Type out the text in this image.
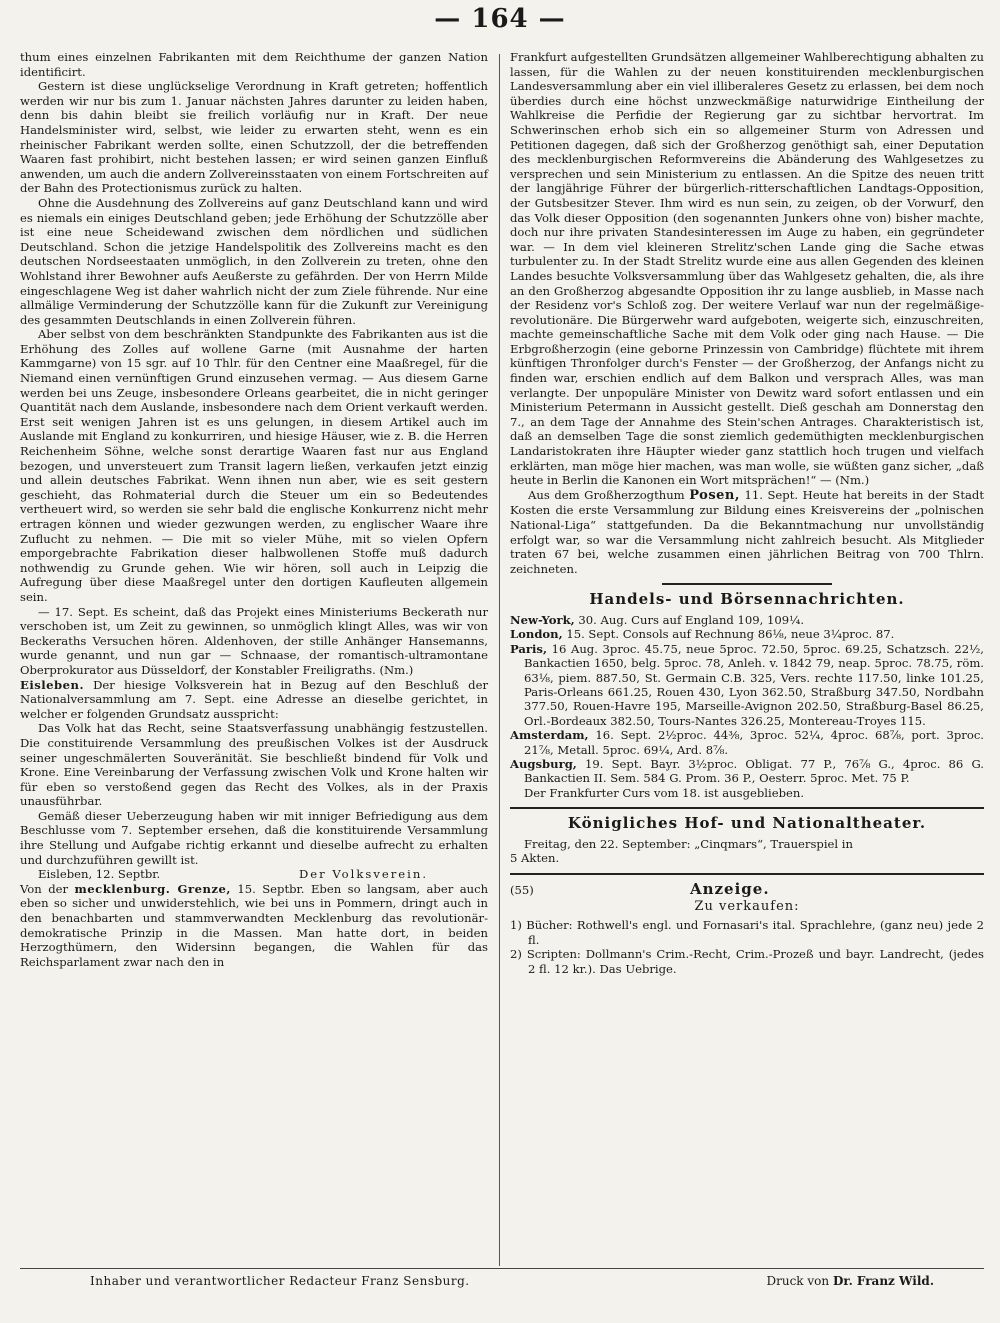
— 164 —

thum eines einzelnen Fabrikanten mit dem Reichthume der ganzen Nation identificirt.

Gestern ist diese unglückselige Verordnung in Kraft getreten; hoffentlich werden wir nur bis zum 1. Januar nächsten Jahres darunter zu leiden haben, denn bis dahin bleibt sie freilich vorläufig nur in Kraft. Der neue Handelsminister wird, selbst, wie leider zu erwarten steht, wenn es ein rheinischer Fabrikant werden sollte, einen Schutzzoll, der die betreffenden Waaren fast prohibirt, nicht bestehen lassen; er wird seinen ganzen Einfluß anwenden, um auch die andern Zollvereinsstaaten von einem Fortschreiten auf der Bahn des Protectionismus zurück zu halten.

Ohne die Ausdehnung des Zollvereins auf ganz Deutschland kann und wird es niemals ein einiges Deutschland geben; jede Erhöhung der Schutzzölle aber ist eine neue Scheidewand zwischen dem nördlichen und südlichen Deutschland. Schon die jetzige Handelspolitik des Zollvereins macht es den deutschen Nordseestaaten unmöglich, in den Zollverein zu treten, ohne den Wohlstand ihrer Bewohner aufs Aeußerste zu gefährden. Der von Herrn Milde eingeschlagene Weg ist daher wahrlich nicht der zum Ziele führende. Nur eine allmälige Verminderung der Schutzzölle kann für die Zukunft zur Vereinigung des gesammten Deutschlands in einen Zollverein führen.

Aber selbst von dem beschränkten Standpunkte des Fabrikanten aus ist die Erhöhung des Zolles auf wollene Garne (mit Ausnahme der harten Kammgarne) von 15 sgr. auf 10 Thlr. für den Centner eine Maaßregel, für die Niemand einen vernünftigen Grund einzusehen vermag. — Aus diesem Garne werden bei uns Zeuge, insbesondere Orleans gearbeitet, die in nicht geringer Quantität nach dem Auslande, insbesondere nach dem Orient verkauft werden. Erst seit wenigen Jahren ist es uns gelungen, in diesem Artikel auch im Auslande mit England zu konkurriren, und hiesige Häuser, wie z. B. die Herren Reichenheim Söhne, welche sonst derartige Waaren fast nur aus England bezogen, und unversteuert zum Transit lagern ließen, verkaufen jetzt einzig und allein deutsches Fabrikat. Wenn ihnen nun aber, wie es seit gestern geschieht, das Rohmaterial durch die Steuer um ein so Bedeutendes vertheuert wird, so werden sie sehr bald die englische Konkurrenz nicht mehr ertragen können und wieder gezwungen werden, zu englischer Waare ihre Zuflucht zu nehmen. — Die mit so vieler Mühe, mit so vielen Opfern emporgebrachte Fabrikation dieser halbwollenen Stoffe muß dadurch nothwendig zu Grunde gehen. Wie wir hören, soll auch in Leipzig die Aufregung über diese Maaßregel unter den dortigen Kaufleuten allgemein sein.

— 17. Sept. Es scheint, daß das Projekt eines Ministeriums Beckerath nur verschoben ist, um Zeit zu gewinnen, so unmöglich klingt Alles, was wir von Beckeraths Versuchen hören. Aldenhoven, der stille Anhänger Hansemanns, wurde genannt, und nun gar — Schnaase, der romantisch-ultramontane Oberprokurator aus Düsseldorf, der Konstabler Freiligraths. (Nm.)

Eisleben. Der hiesige Volksverein hat in Bezug auf den Beschluß der Nationalversammlung am 7. Sept. eine Adresse an dieselbe gerichtet, in welcher er folgenden Grundsatz ausspricht:

Das Volk hat das Recht, seine Staatsverfassung unabhängig festzustellen. Die constituirende Versammlung des preußischen Volkes ist der Ausdruck seiner ungeschmälerten Souveränität. Sie beschließt bindend für Volk und Krone. Eine Vereinbarung der Verfassung zwischen Volk und Krone halten wir für eben so verstoßend gegen das Recht des Volkes, als in der Praxis unausführbar.

Gemäß dieser Ueberzeugung haben wir mit inniger Befriedigung aus dem Beschlusse vom 7. September ersehen, daß die konstituirende Versammlung ihre Stellung und Aufgabe richtig erkannt und dieselbe aufrecht zu erhalten und durchzuführen gewillt ist.

Eisleben, 12. Septbr.	Der Volksverein.

Von der mecklenburg. Grenze, 15. Septbr. Eben so langsam, aber auch eben so sicher und unwiderstehlich, wie bei uns in Pommern, dringt auch in den benachbarten und stammverwandten Mecklenburg das revolutionär-demokratische Prinzip in die Massen. Man hatte dort, in beiden Herzogthümern, den Widersinn begangen, die Wahlen für das Reichsparlament zwar nach den in

Frankfurt aufgestellten Grundsätzen allgemeiner Wahlberechtigung abhalten zu lassen, für die Wahlen zu der neuen konstituirenden mecklenburgischen Landesversammlung aber ein viel illiberaleres Gesetz zu erlassen, bei dem noch überdies durch eine höchst unzweckmäßige naturwidrige Eintheilung der Wahlkreise die Perfidie der Regierung gar zu sichtbar hervortrat. Im Schwerinschen erhob sich ein so allgemeiner Sturm von Adressen und Petitionen dagegen, daß sich der Großherzog genöthigt sah, einer Deputation des mecklenburgischen Reformvereins die Abänderung des Wahlgesetzes zu versprechen und sein Ministerium zu entlassen. An die Spitze des neuen tritt der langjährige Führer der bürgerlich-ritterschaftlichen Landtags-Opposition, der Gutsbesitzer Stever. Ihm wird es nun sein, zu zeigen, ob der Vorwurf, den das Volk dieser Opposition (den sogenannten Junkers ohne von) bisher machte, doch nur ihre privaten Standesinteressen im Auge zu haben, ein gegründeter war. — In dem viel kleineren Strelitz'schen Lande ging die Sache etwas turbulenter zu. In der Stadt Strelitz wurde eine aus allen Gegenden des kleinen Landes besuchte Volksversammlung über das Wahlgesetz gehalten, die, als ihre an den Großherzog abgesandte Opposition ihr zu lange ausblieb, in Masse nach der Residenz vor's Schloß zog. Der weitere Verlauf war nun der regelmäßige-revolutionäre. Die Bürgerwehr ward aufgeboten, weigerte sich, einzuschreiten, machte gemeinschaftliche Sache mit dem Volk oder ging nach Hause. — Die Erbgroßherzogin (eine geborne Prinzessin von Cambridge) flüchtete mit ihrem künftigen Thronfolger durch's Fenster — der Großherzog, der Anfangs nicht zu finden war, erschien endlich auf dem Balkon und versprach Alles, was man verlangte. Der unpopuläre Minister von Dewitz ward sofort entlassen und ein Ministerium Petermann in Aussicht gestellt. Dieß geschah am Donnerstag den 7., an dem Tage der Annahme des Stein'schen Antrages. Charakteristisch ist, daß an demselben Tage die sonst ziemlich gedemüthigten mecklenburgischen Landaristokraten ihre Häupter wieder ganz stattlich hoch trugen und vielfach erklärten, man möge hier machen, was man wolle, sie wüßten ganz sicher, „daß heute in Berlin die Kanonen ein Wort mitsprächen!“ — (Nm.)

Aus dem Großherzogthum Posen, 11. Sept. Heute hat bereits in der Stadt Kosten die erste Versammlung zur Bildung eines Kreisvereins der „polnischen National-Liga“ stattgefunden. Da die Bekanntmachung nur unvollständig erfolgt war, so war die Versammlung nicht zahlreich besucht. Als Mitglieder traten 67 bei, welche zusammen einen jährlichen Beitrag von 700 Thlrn. zeichneten.

Handels- und Börsennachrichten.

New-York, 30. Aug. Curs auf England 109, 109¼.

London, 15. Sept. Consols auf Rechnung 86⅛, neue 3¼proc. 87.

Paris, 16 Aug. 3proc. 45.75, neue 5proc. 72.50, 5proc. 69.25, Schatzsch. 22½, Bankactien 1650, belg. 5proc. 78, Anleh. v. 1842 79, neap. 5proc. 78.75, röm. 63⅛, piem. 887.50, St. Germain C.B. 325, Vers. rechte 117.50, linke 101.25, Paris-Orleans 661.25, Rouen 430, Lyon 362.50, Straßburg 347.50, Nordbahn 377.50, Rouen-Havre 195, Marseille-Avignon 202.50, Straßburg-Basel 86.25, Orl.-Bordeaux 382.50, Tours-Nantes 326.25, Montereau-Troyes 115.

Amsterdam, 16. Sept. 2½proc. 44⅜, 3proc. 52¼, 4proc. 68⅞, port. 3proc. 21⅞, Metall. 5proc. 69¼, Ard. 8⅞.

Augsburg, 19. Sept. Bayr. 3½proc. Obligat. 77 P., 76⅞ G., 4proc. 86 G. Bankactien II. Sem. 584 G. Prom. 36 P., Oesterr. 5proc. Met. 75 P.

Der Frankfurter Curs vom 18. ist ausgeblieben.

Königliches Hof- und Nationaltheater.
Freitag, den 22. September: „Cinqmars“, Trauerspiel in
5 Akten.
(55)	Anzeige.
Zu verkaufen:
1) Bücher: Rothwell's engl. und Fornasari's ital. Sprachlehre, (ganz neu) jede 2 fl.
2) Scripten: Dollmann's Crim.-Recht, Crim.-Prozeß und bayr. Landrecht, (jedes 2 fl. 12 kr.). Das Uebrige.
Inhaber und verantwortlicher Redacteur Franz Sensburg.	Druck von Dr. Franz Wild.
